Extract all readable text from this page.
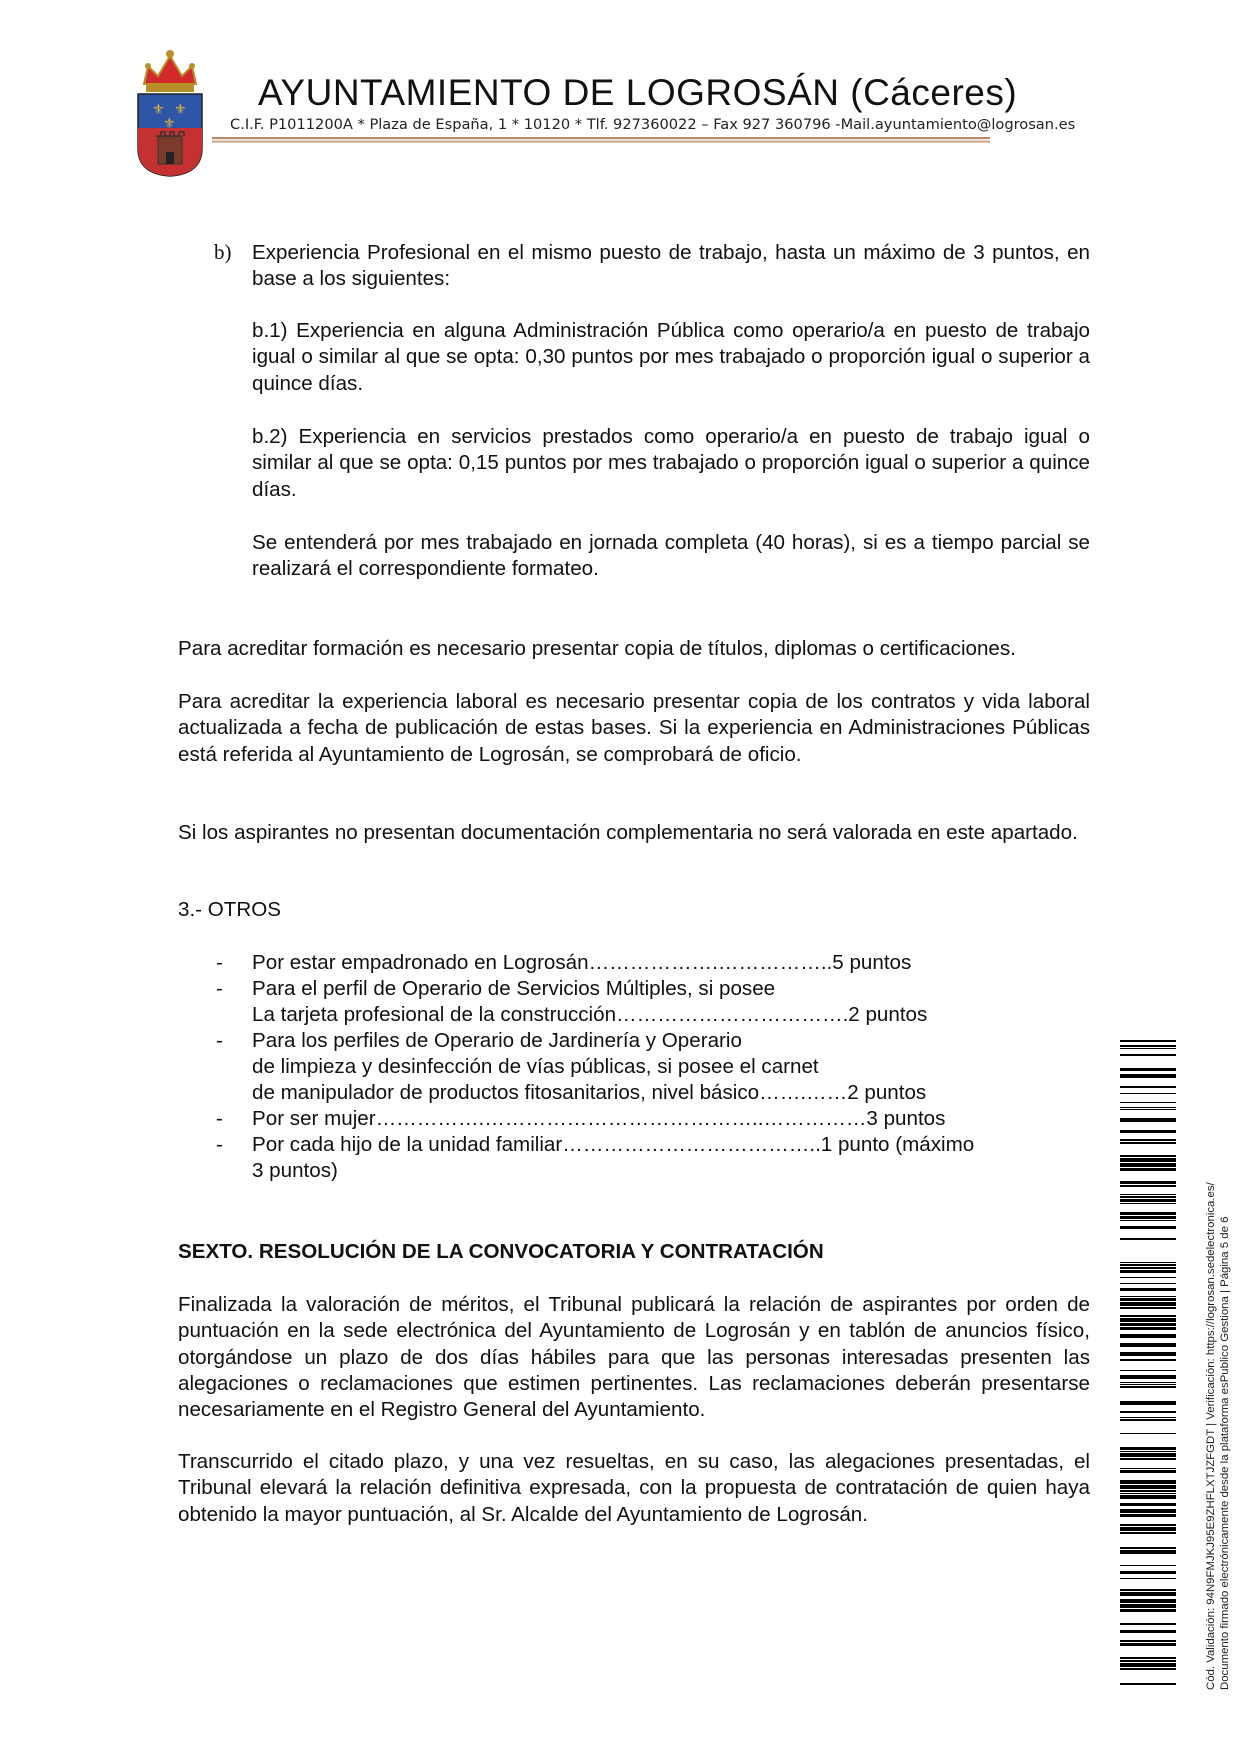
⚜ ⚜
⚜
AYUNTAMIENTO DE LOGROSÁN (Cáceres)
C.I.F. P1011200A * Plaza de España, 1 * 10120 * Tlf. 927360022 – Fax 927 360796 -Mail.ayuntamiento@logrosan.es
b) Experiencia Profesional en el mismo puesto de trabajo, hasta un máximo de 3 puntos, en base a los siguientes:
b.1) Experiencia en alguna Administración Pública como operario/a en puesto de trabajo igual o similar al que se opta: 0,30 puntos por mes trabajado o proporción igual o superior a quince días.
b.2) Experiencia en servicios prestados como operario/a en puesto de trabajo igual o similar al que se opta: 0,15 puntos por mes trabajado o proporción igual o superior a quince días.
Se entenderá por mes trabajado en jornada completa (40 horas), si es a tiempo parcial se realizará el correspondiente formateo.
Para acreditar formación es necesario presentar copia de títulos, diplomas o certificaciones.
Para acreditar la experiencia laboral es necesario presentar copia de los contratos y vida laboral actualizada a fecha de publicación de estas bases. Si la experiencia en Administraciones Públicas está referida al Ayuntamiento de Logrosán, se comprobará de oficio.
Si los aspirantes no presentan documentación complementaria no será valorada en este apartado.
3.- OTROS
- Por estar empadronado en Logrosán……………….……………..5 puntos
- Para el perfil de Operario de Servicios Múltiples, si posee
La tarjeta profesional de la construcción…………………………….2 puntos
- Para los perfiles de Operario de Jardinería y Operario
de limpieza y desinfección de vías públicas, si posee el carnet
de manipulador de productos fitosanitarios, nivel básico…….……2 puntos
- Por ser mujer…………….…………………………………..……………3 puntos
- Por cada hijo de la unidad familiar………………………………..1 punto (máximo
3 puntos)
SEXTO. RESOLUCIÓN DE LA CONVOCATORIA Y CONTRATACIÓN
Finalizada la valoración de méritos, el Tribunal publicará la relación de aspirantes por orden de puntuación en la sede electrónica del Ayuntamiento de Logrosán y en tablón de anuncios físico, otorgándose un plazo de dos días hábiles para que las personas interesadas presenten las alegaciones o reclamaciones que estimen pertinentes. Las reclamaciones deberán presentarse necesariamente en el Registro General del Ayuntamiento.
Transcurrido el citado plazo, y una vez resueltas, en su caso, las alegaciones presentadas, el Tribunal elevará la relación definitiva expresada, con la propuesta de contratación de quien haya obtenido la mayor puntuación, al Sr. Alcalde del Ayuntamiento de Logrosán.	Cód. Validación: 94N9FMJKJ95E9ZHFLXTJZFGDT | Verificación: https://logrosan.sedelectronica.es/ Documento firmado electrónicamente desde la plataforma esPublico Gestiona | Página 5 de 6
